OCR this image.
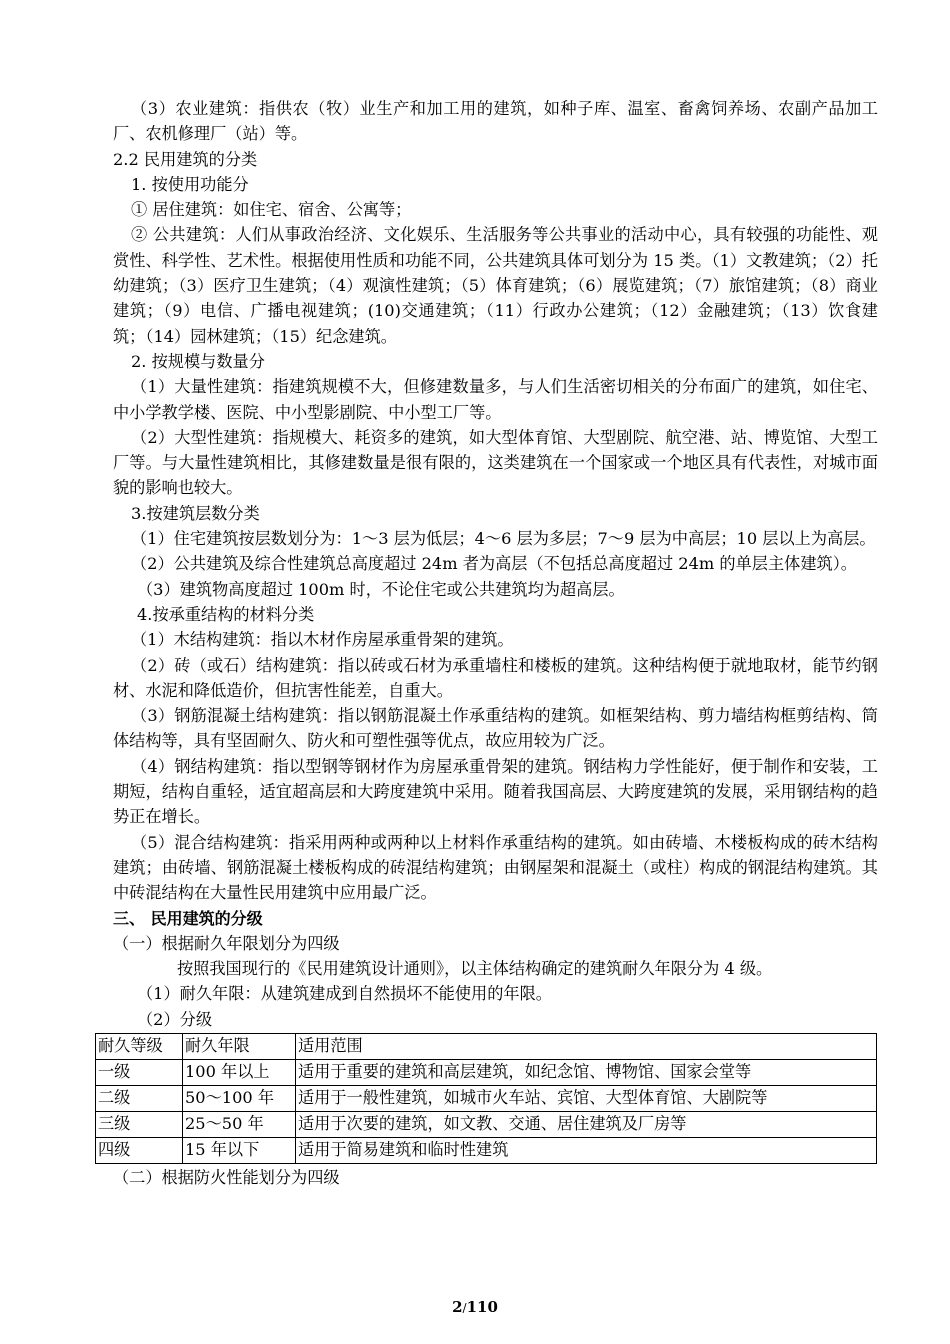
（3）农业建筑：指供农（牧）业生产和加工用的建筑，如种子库、温室、畜禽饲养场、农副产品加工厂、农机修理厂（站）等。

2.2 民用建筑的分类

1. 按使用功能分

① 居住建筑：如住宅、宿舍、公寓等；

② 公共建筑：人们从事政治经济、文化娱乐、生活服务等公共事业的活动中心，具有较强的功能性、观赏性、科学性、艺术性。根据使用性质和功能不同，公共建筑具体可划分为 15 类。（1）文教建筑；（2）托幼建筑；（3）医疗卫生建筑；（4）观演性建筑；（5）体育建筑；（6）展览建筑；（7）旅馆建筑；（8）商业建筑；（9）电信、广播电视建筑；(10)交通建筑；（11）行政办公建筑；（12）金融建筑；（13）饮食建筑；（14）园林建筑；（15）纪念建筑。

2. 按规模与数量分

（1）大量性建筑：指建筑规模不大，但修建数量多，与人们生活密切相关的分布面广的建筑，如住宅、中小学教学楼、医院、中小型影剧院、中小型工厂等。

（2）大型性建筑：指规模大、耗资多的建筑，如大型体育馆、大型剧院、航空港、站、博览馆、大型工厂等。与大量性建筑相比，其修建数量是很有限的，这类建筑在一个国家或一个地区具有代表性，对城市面貌的影响也较大。

3.按建筑层数分类

（1）住宅建筑按层数划分为：1～3 层为低层；4～6 层为多层；7～9 层为中高层；10 层以上为高层。

（2）公共建筑及综合性建筑总高度超过 24m 者为高层（不包括总高度超过 24m 的单层主体建筑）。

（3）建筑物高度超过 100m 时，不论住宅或公共建筑均为超高层。

4.按承重结构的材料分类

（1）木结构建筑：指以木材作房屋承重骨架的建筑。

（2）砖（或石）结构建筑：指以砖或石材为承重墙柱和楼板的建筑。这种结构便于就地取材，能节约钢材、水泥和降低造价，但抗害性能差，自重大。

（3）钢筋混凝土结构建筑：指以钢筋混凝土作承重结构的建筑。如框架结构、剪力墙结构框剪结构、筒体结构等，具有坚固耐久、防火和可塑性强等优点，故应用较为广泛。

（4）钢结构建筑：指以型钢等钢材作为房屋承重骨架的建筑。钢结构力学性能好，便于制作和安装，工期短，结构自重轻，适宜超高层和大跨度建筑中采用。随着我国高层、大跨度建筑的发展，采用钢结构的趋势正在增长。

（5）混合结构建筑：指采用两种或两种以上材料作承重结构的建筑。如由砖墙、木楼板构成的砖木结构建筑；由砖墙、钢筋混凝土楼板构成的砖混结构建筑；由钢屋架和混凝土（或柱）构成的钢混结构建筑。其中砖混结构在大量性民用建筑中应用最广泛。

三、 民用建筑的分级

（一）根据耐久年限划分为四级

按照我国现行的《民用建筑设计通则》，以主体结构确定的建筑耐久年限分为 4 级。

（1）耐久年限：从建筑建成到自然损坏不能使用的年限。

（2）分级

耐久等级	耐久年限	适用范围
一级	100 年以上	适用于重要的建筑和高层建筑，如纪念馆、博物馆、国家会堂等
二级	50～100 年	适用于一般性建筑，如城市火车站、宾馆、大型体育馆、大剧院等
三级	25～50 年	适用于次要的建筑，如文教、交通、居住建筑及厂房等
四级	15 年以下	适用于简易建筑和临时性建筑

（二）根据防火性能划分为四级

2/110
